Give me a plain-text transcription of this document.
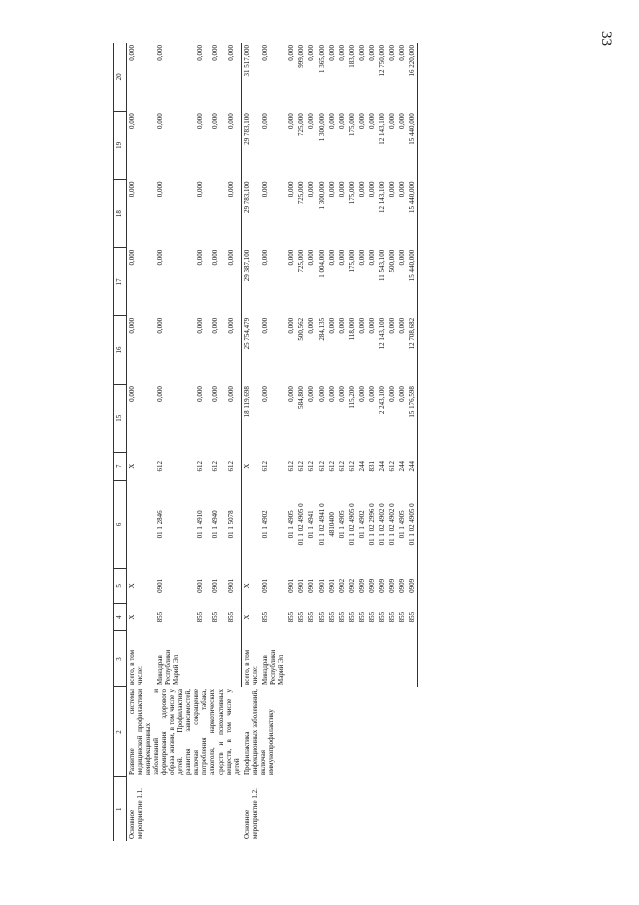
33
1	2	3	4	5	6	7	15	16	17	18	19	20
Основное мероприятие 1.1.	Развитие системы медицинской профилактики неинфекционных заболеваний и формирования здорового образа жизни, в том числе у детей. Профилактика развития зависимостей, включая сокращение потребления табака, алкоголя, наркотических средств и психоактивных веществ, в том числе у детей	всего, в том числе:	X	X		X	0,000	0,000	0,000	0,000	0,000	0,000
		Минздрав Республики Марий Эл	855	0901	01 1 2846	612	0,000	0,000	0,000	0,000	0,000	0,000
			855	0901	01 1 4910	612	0,000	0,000	0,000	0,000	0,000	0,000
			855	0901	01 1 4940	612	0,000	0,000	0,000		0,000	0,000
			855	0901	01 1 5078	612	0,000	0,000	0,000	0,000	0,000	0,000
Основное мероприятие 1.2.	Профилактика инфекционных заболеваний, включая иммунопрофилактику	всего, в том числе:	X	X		X	18 119,698	25 754,479	29 387,100	29 783,100	29 783,100	31 517,000
		Минздрав Республики Марий Эл	855	0901	01 1 4902	612	0,000	0,000	0,000	0,000	0,000	0,000
			855	0901	01 1 4905	612	0,000	0,000	0,000	0,000	0,000	0,000
			855	0901	01 1 02 4905 0	612	584,800	500,562	725,000	725,000	725,000	999,000
			855	0901	01 1 4941	612	0,000	0,000	0,000	0,000	0,000	0,000
			855	0901	01 1 02 4941 0	612	0,000	284,135	1 004,000	1 300,000	1 300,000	1 365,000
			855	0901	4810400	612	0,000	0,000	0,000	0,000	0,000	0,000
			855	0902	01 1 4905	612	0,000	0,000	0,000	0,000	0,000	0,000
			855	0902	01 1 02 4905 0	612	115,200	118,000	175,000	175,000	175,000	183,000
			855	0909	01 1 4902	244	0,000	0,000	0,000	0,000	0,000	0,000
			855	0909	01 1 02 2996 0	831	0,000	0,000	0,000	0,000	0,000	0,000
			855	0909	01 1 02 4902 0	244	2 243,100	12 143,100	11 543,100	12 143,100	12 143,100	12 750,000
			855	0909	01 1 02 4902 0	612	0,000	0,000	500,000	0,000	0,000	0,000
			855	0909	01 1 4905	244	0,000	0,000	0,000	0,000	0,000	0,000
			855	0909	01 1 02 4905 0	244	15 176,598	12 708,682	15 440,000	15 440,000	15 440,000	16 220,000
